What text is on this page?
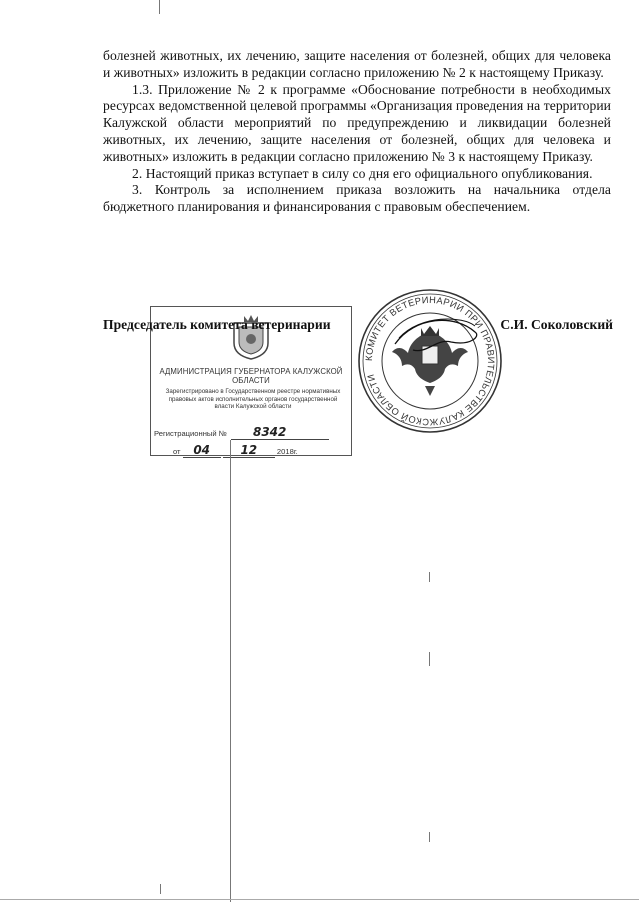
болезней животных, их лечению, защите населения от болезней, общих для человека и животных» изложить в редакции согласно приложению № 2 к настоящему Приказу.

1.3. Приложение № 2 к программе «Обоснование потребности в необходимых ресурсах ведомственной целевой программы «Организация проведения на территории Калужской области мероприятий по предупреждению и ликвидации болезней животных, их лечению, защите населения от болезней, общих для человека и животных» изложить в редакции согласно приложению № 3 к настоящему Приказу.

2. Настоящий приказ вступает в силу со дня его официального опубликования.

3. Контроль за исполнением приказа возложить на начальника отдела бюджетного планирования и финансирования с правовым обеспечением.

АДМИНИСТРАЦИЯ ГУБЕРНАТОРА КАЛУЖСКОЙ ОБЛАСТИ
Зарегистрировано в Государственном реестре нормативных правовых актов исполнительных органов государственной власти Калужской области
Регистрационный № 8342
от 04	12	2018г.
Председатель комитета ветеринарии	С.И. Соколовский
КОМИТЕТ ВЕТЕРИНАРИИ ПРИ ПРАВИТЕЛЬСТВЕ КАЛУЖСКОЙ ОБЛАСТИ
